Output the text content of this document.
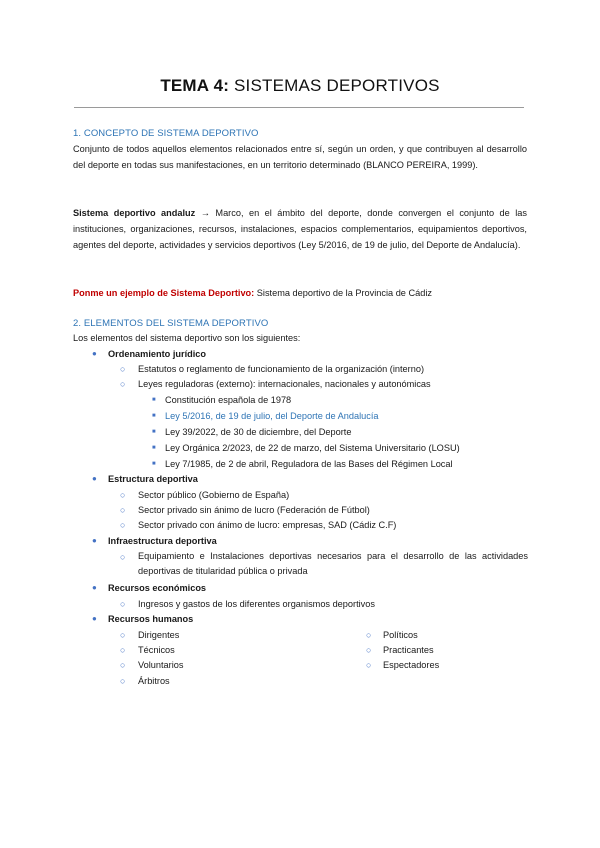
TEMA 4: SISTEMAS DEPORTIVOS
1. CONCEPTO DE SISTEMA DEPORTIVO
Conjunto de todos aquellos elementos relacionados entre sí, según un orden, y que contribuyen al desarrollo del deporte en todas sus manifestaciones, en un territorio determinado (BLANCO PEREIRA, 1999).
Sistema deportivo andaluz → Marco, en el ámbito del deporte, donde convergen el conjunto de las instituciones, organizaciones, recursos, instalaciones, espacios complementarios, equipamientos deportivos, agentes del deporte, actividades y servicios deportivos (Ley 5/2016, de 19 de julio, del Deporte de Andalucía).
Ponme un ejemplo de Sistema Deportivo: Sistema deportivo de la Provincia de Cádiz
2. ELEMENTOS DEL SISTEMA DEPORTIVO
Los elementos del sistema deportivo son los siguientes:
● Ordenamiento jurídico
○ Estatutos o reglamento de funcionamiento de la organización (interno)
○ Leyes reguladoras (externo): internacionales, nacionales y autonómicas
■ Constitución española de 1978
■ Ley 5/2016, de 19 de julio, del Deporte de Andalucía
■ Ley 39/2022, de 30 de diciembre, del Deporte
■ Ley Orgánica 2/2023, de 22 de marzo, del Sistema Universitario (LOSU)
■ Ley 7/1985, de 2 de abril, Reguladora de las Bases del Régimen Local
● Estructura deportiva
○ Sector público (Gobierno de España)
○ Sector privado sin ánimo de lucro (Federación de Fútbol)
○ Sector privado con ánimo de lucro: empresas, SAD (Cádiz C.F)
● Infraestructura deportiva
○ Equipamiento e Instalaciones deportivas necesarios para el desarrollo de las actividades deportivas de titularidad pública o privada
● Recursos económicos
○ Ingresos y gastos de los diferentes organismos deportivos
● Recursos humanos
○ Dirigentes
○ Técnicos
○ Voluntarios
○ Árbitros
○ Políticos
○ Practicantes
○ Espectadores
